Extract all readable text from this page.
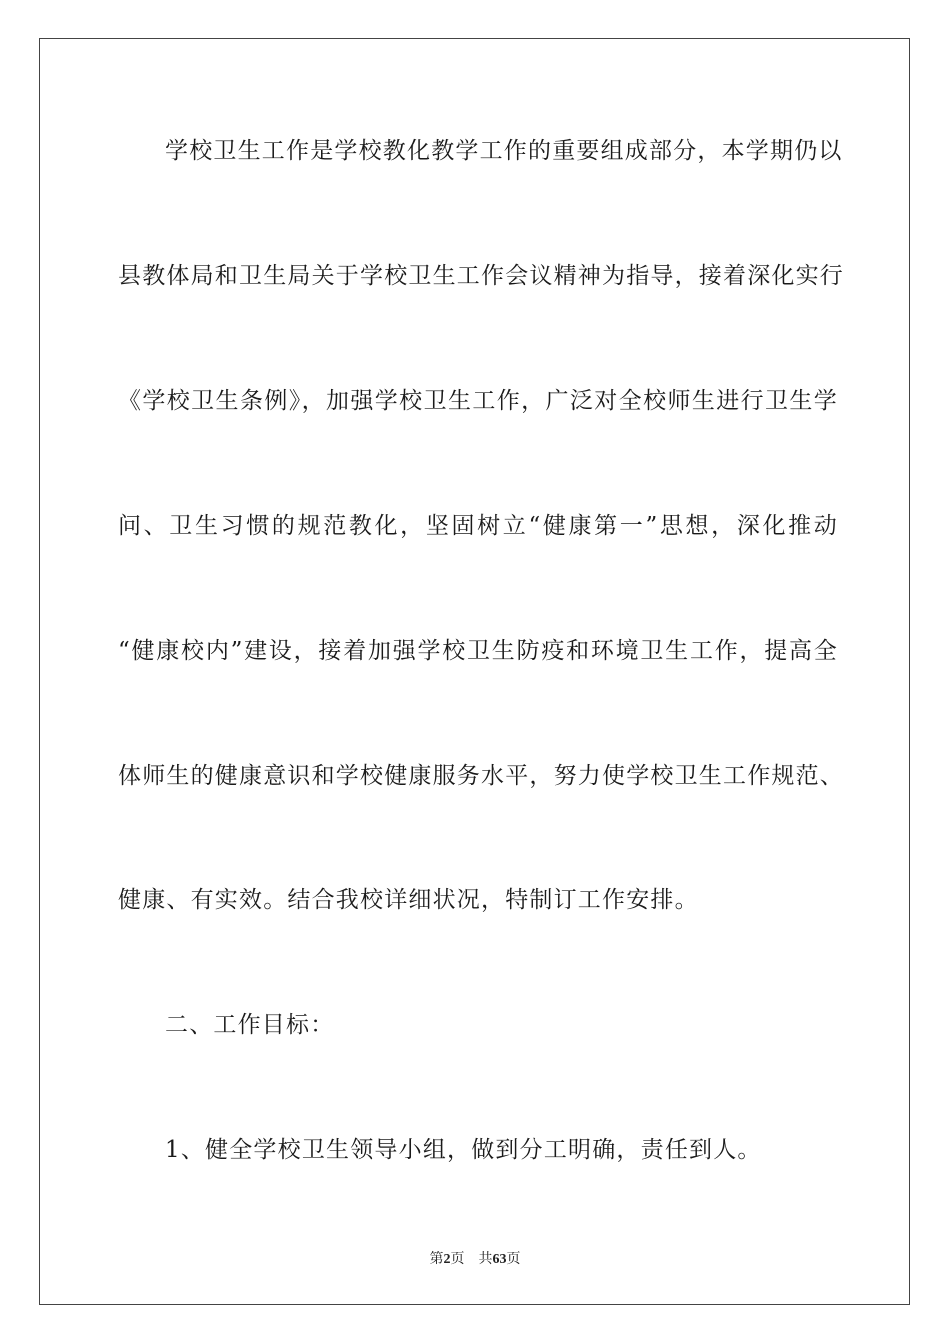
学校卫生工作是学校教化教学工作的重要组成部分，本学期仍以

县教体局和卫生局关于学校卫生工作会议精神为指导，接着深化实行

《学校卫生条例》，加强学校卫生工作，广泛对全校师生进行卫生学

问、卫生习惯的规范教化，坚固树立“健康第一”思想，深化推动

“健康校内”建设，接着加强学校卫生防疫和环境卫生工作，提高全

体师生的健康意识和学校健康服务水平，努力使学校卫生工作规范、

健康、有实效。结合我校详细状况，特制订工作安排。

二、工作目标：

1、健全学校卫生领导小组，做到分工明确，责任到人。

第2页 共63页
